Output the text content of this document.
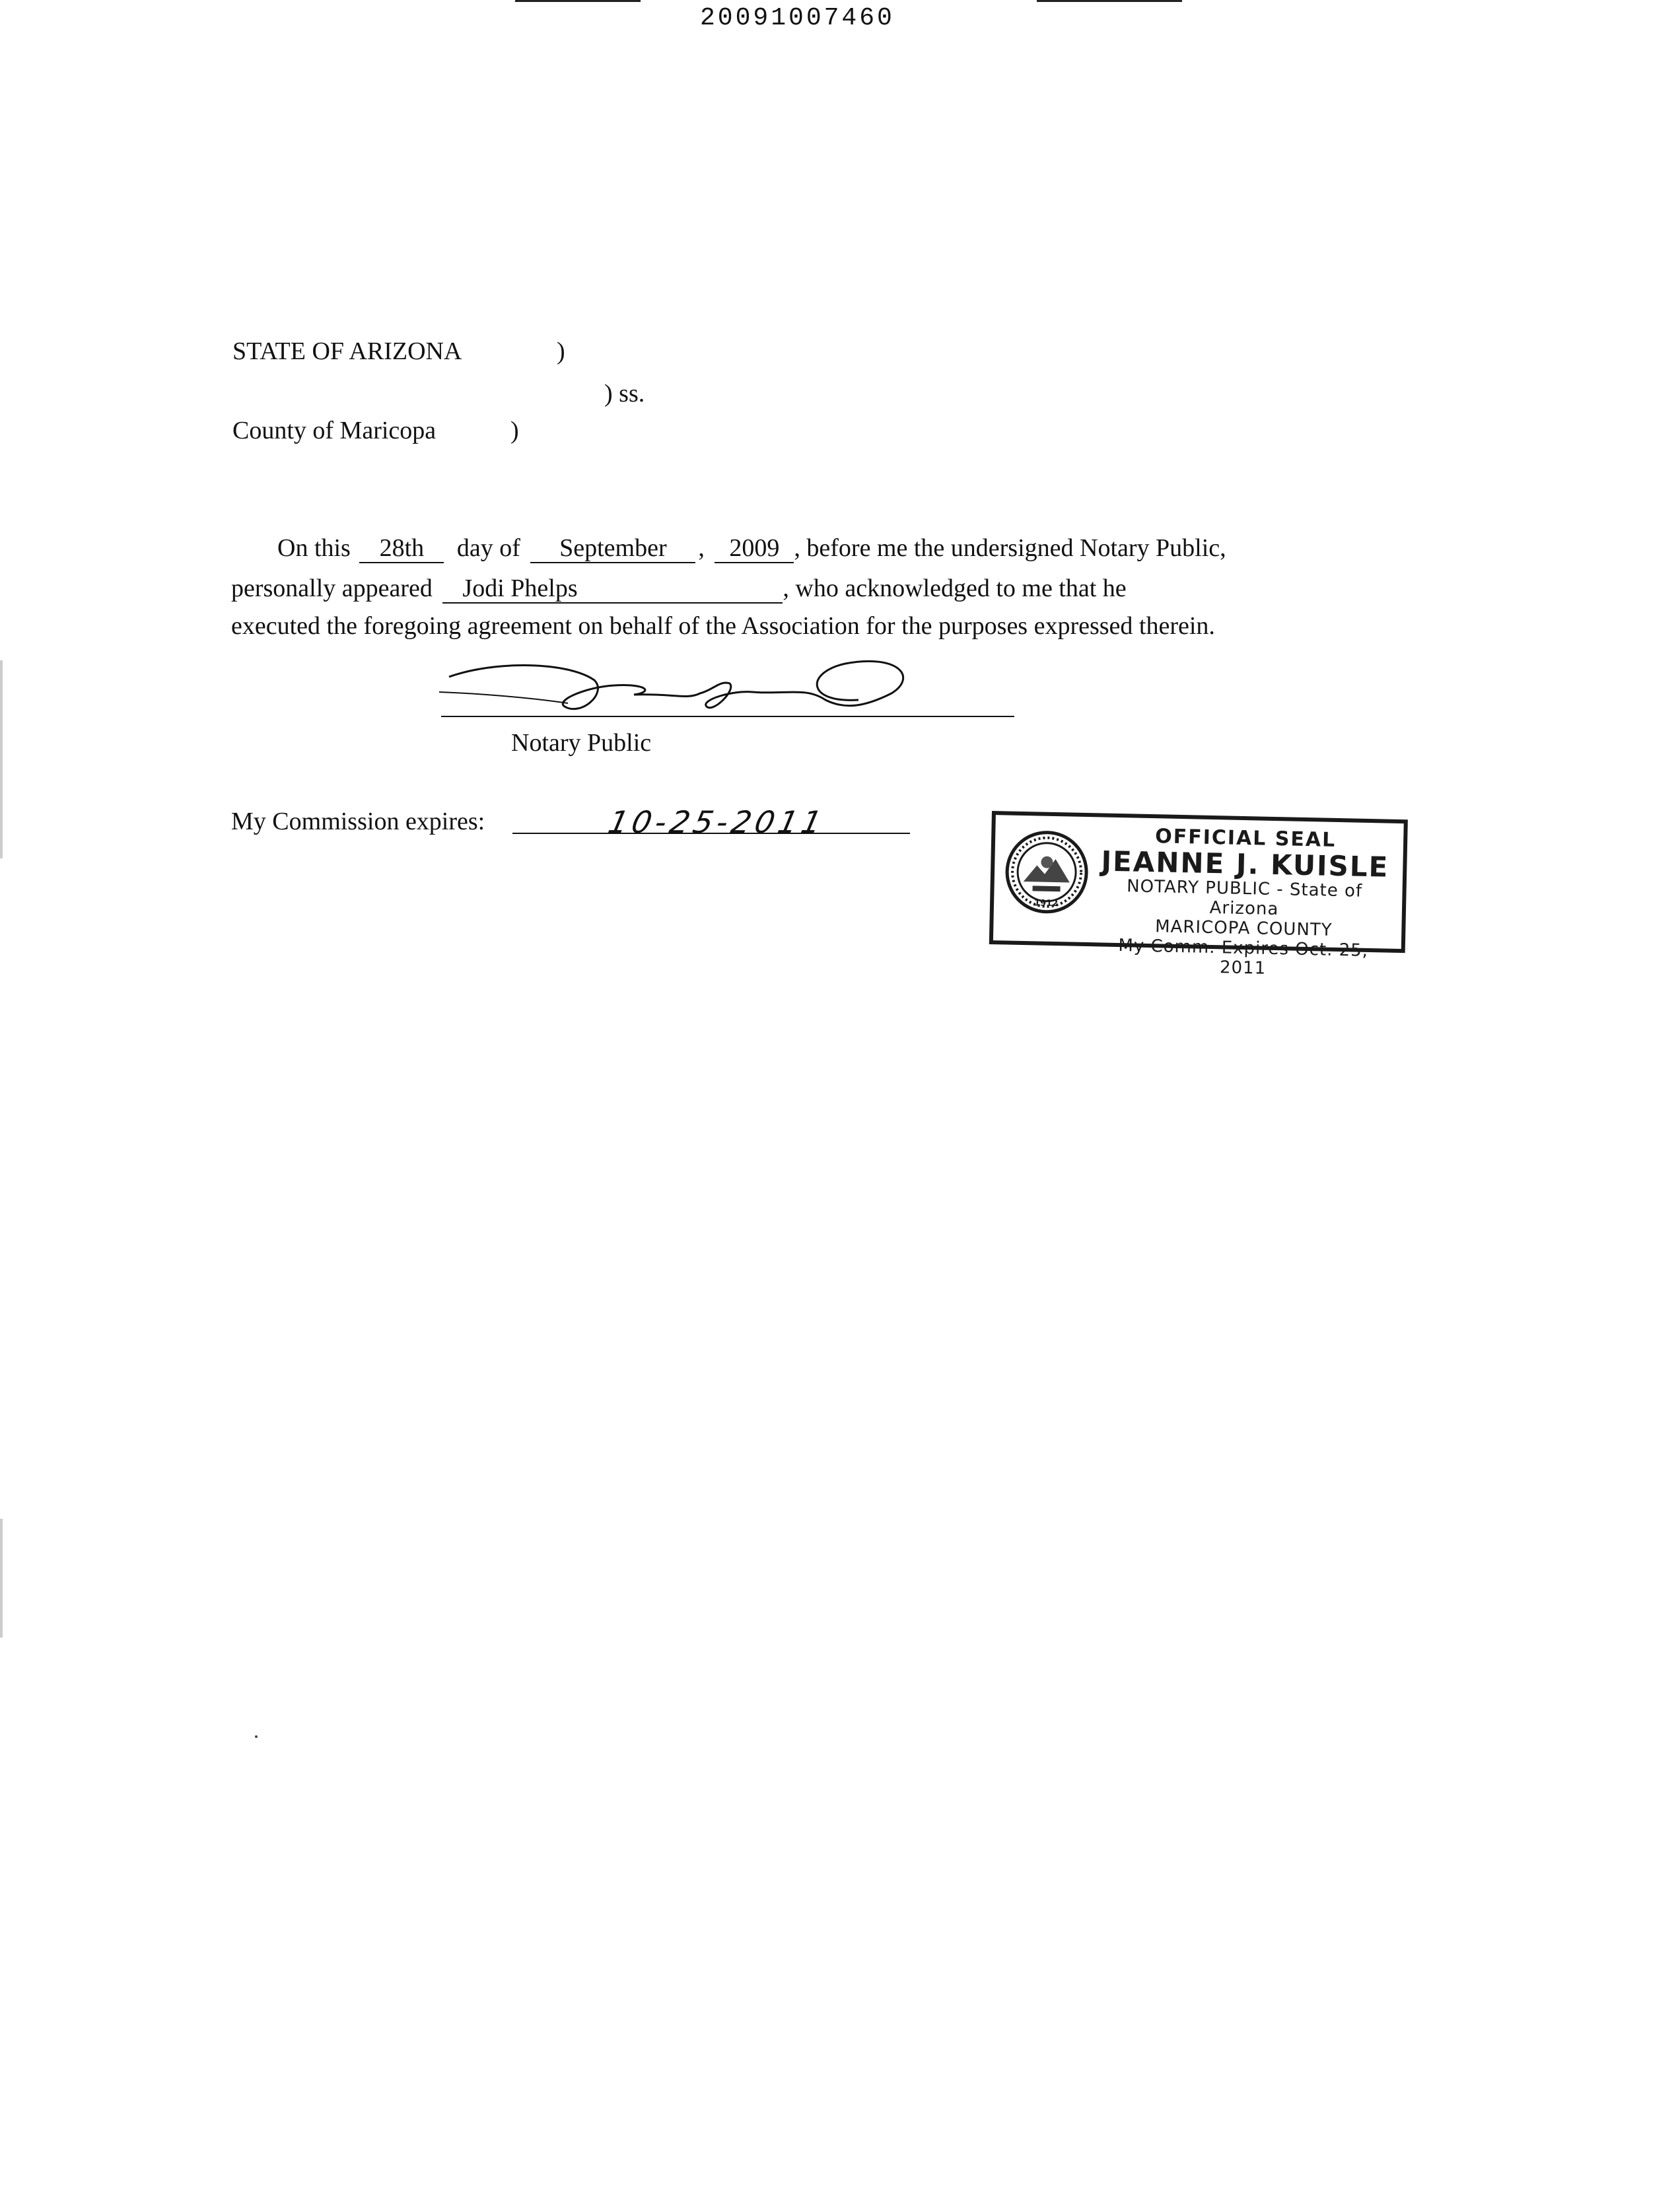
20091007460
STATE OF ARIZONA	)
) ss.
County of Maricopa	)
On this 28th day of September , 2009 , before me the undersigned Notary Public,
personally appeared Jodi Phelps	, who acknowledged to me that he
executed the foregoing agreement on behalf of the Association for the purposes expressed therein.
Notary Public
My Commission expires:	10-25-2011
1912
OFFICIAL SEAL
JEANNE J. KUISLE
NOTARY PUBLIC - State of Arizona
MARICOPA COUNTY
My Comm. Expires Oct. 25, 2011
